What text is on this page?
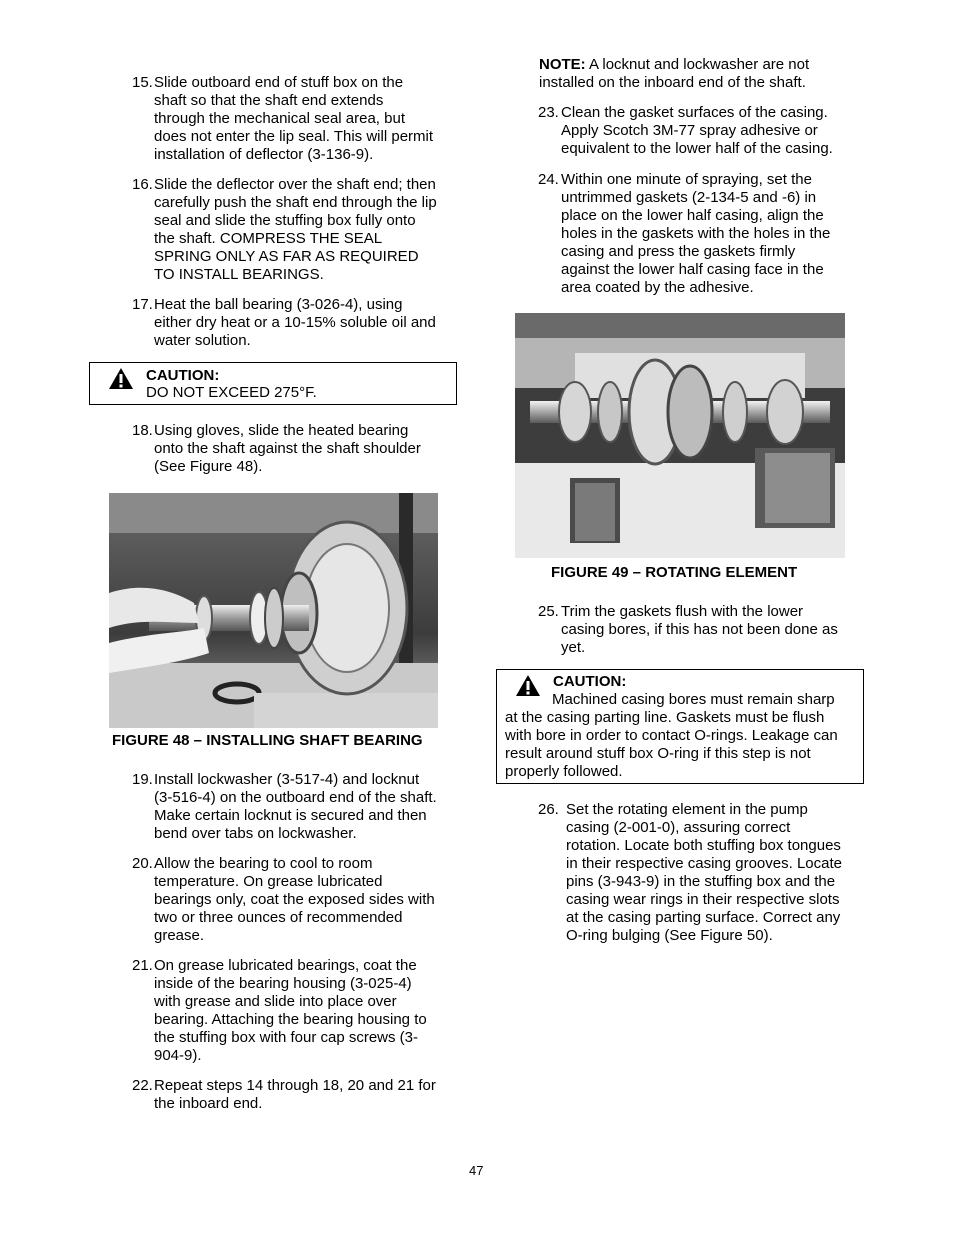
15. Slide outboard end of stuff box on the
shaft so that the shaft end extends
through the mechanical seal area, but
does not enter the lip seal. This will permit
installation of deflector (3-136-9).
16. Slide the deflector over the shaft end; then
carefully push the shaft end through the lip
seal and slide the stuffing box fully onto
the shaft. COMPRESS THE SEAL
SPRING ONLY AS FAR AS REQUIRED
TO INSTALL BEARINGS.
17. Heat the ball bearing (3-026-4), using
either dry heat or a 10-15% soluble oil and
water solution.
CAUTION:
DO NOT EXCEED 275°F.
18. Using gloves, slide the heated bearing
onto the shaft against the shaft shoulder
(See Figure 48).
FIGURE 48 – INSTALLING SHAFT BEARING
19. Install lockwasher (3-517-4) and locknut
(3-516-4) on the outboard end of the shaft.
Make certain locknut is secured and then
bend over tabs on lockwasher.
20. Allow the bearing to cool to room
temperature. On grease lubricated
bearings only, coat the exposed sides with
two or three ounces of recommended
grease.
21. On grease lubricated bearings, coat the
inside of the bearing housing (3-025-4)
with grease and slide into place over
bearing. Attaching the bearing housing to
the stuffing box with four cap screws (3-
904-9).
22. Repeat steps 14 through 18, 20 and 21 for
the inboard end.
NOTE: A locknut and lockwasher are not
installed on the inboard end of the shaft.
23. Clean the gasket surfaces of the casing.
Apply Scotch 3M-77 spray adhesive or
equivalent to the lower half of the casing.
24. Within one minute of spraying, set the
untrimmed gaskets (2-134-5 and -6) in
place on the lower half casing, align the
holes in the gaskets with the holes in the
casing and press the gaskets firmly
against the lower half casing face in the
area coated by the adhesive.
FIGURE 49 – ROTATING ELEMENT
25. Trim the gaskets flush with the lower
casing bores, if this has not been done as
yet.
CAUTION:
Machined casing bores must remain sharp
at the casing parting line. Gaskets must be flush
with bore in order to contact O-rings. Leakage can
result around stuff box O-ring if this step is not
properly followed.
26. Set the rotating element in the pump
casing (2-001-0), assuring correct
rotation. Locate both stuffing box tongues
in their respective casing grooves. Locate
pins (3-943-9) in the stuffing box and the
casing wear rings in their respective slots
at the casing parting surface. Correct any
O-ring bulging (See Figure 50).
47
